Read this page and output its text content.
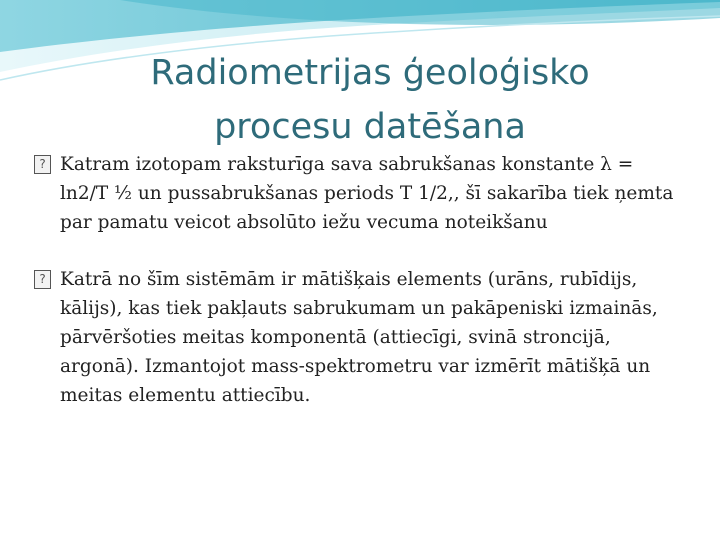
Radiometrijas ģeoloģisko
procesu datēšana

? Katram izotopam raksturīga sava sabrukšanas konstante λ = ln2/T ½ un pussabrukšanas periods T 1/2,, šī sakarība tiek ņemta par pamatu veicot absolūto iežu vecuma noteikšanu

? Katrā no šīm sistēmām ir mātišķais elements (urāns, rubīdijs, kālijs), kas tiek pakļauts sabrukumam un pakāpeniski izmainās, pārvēršoties meitas komponentā (attiecīgi, svinā stroncijā, argonā). Izmantojot mass-spektrometru var izmērīt mātišķā un meitas elementu attiecību.
